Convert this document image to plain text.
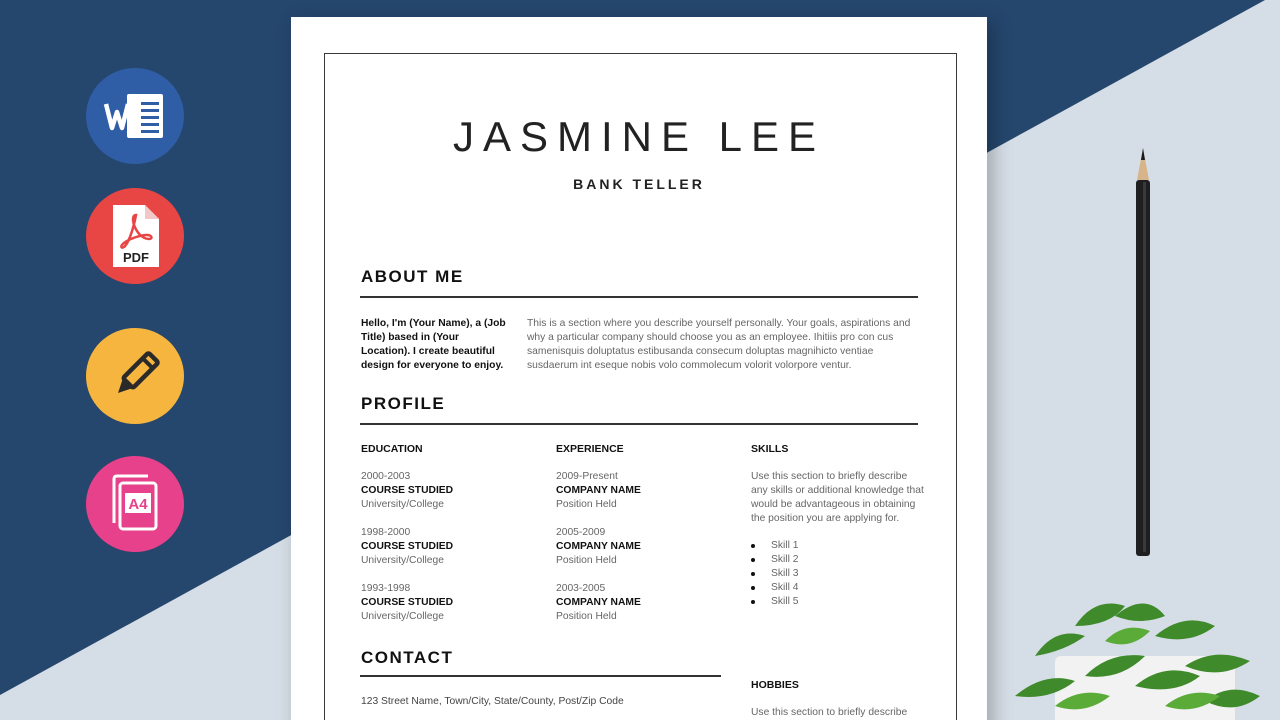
PDF
A4
JASMINE LEE
BANK TELLER
ABOUT ME
Hello, I'm (Your Name), a (Job Title) based in (Your Location). I create beautiful design for everyone to enjoy.
This is a section where you describe yourself personally. Your goals, aspirations and why a particular company should choose you as an employee. Ihitiis pro con cus samenisquis doluptatus estibusanda consecum doluptas magnihicto ventiae susdaerum int eseque nobis volo commolecum volorit volorpore ventur.
PROFILE
EDUCATION
2000-2003
COURSE STUDIED
University/College
1998-2000
COURSE STUDIED
University/College
1993-1998
COURSE STUDIED
University/College
EXPERIENCE
2009-Present
COMPANY NAME
Position Held
2005-2009
COMPANY NAME
Position Held
2003-2005
COMPANY NAME
Position Held
SKILLS
Use this section to briefly describe any skills or additional knowledge that would be advantageous in obtaining the position you are applying for.
Skill 1
Skill 2
Skill 3
Skill 4
Skill 5
CONTACT
123 Street Name, Town/City, State/County, Post/Zip Code
HOBBIES
Use this section to briefly describe
